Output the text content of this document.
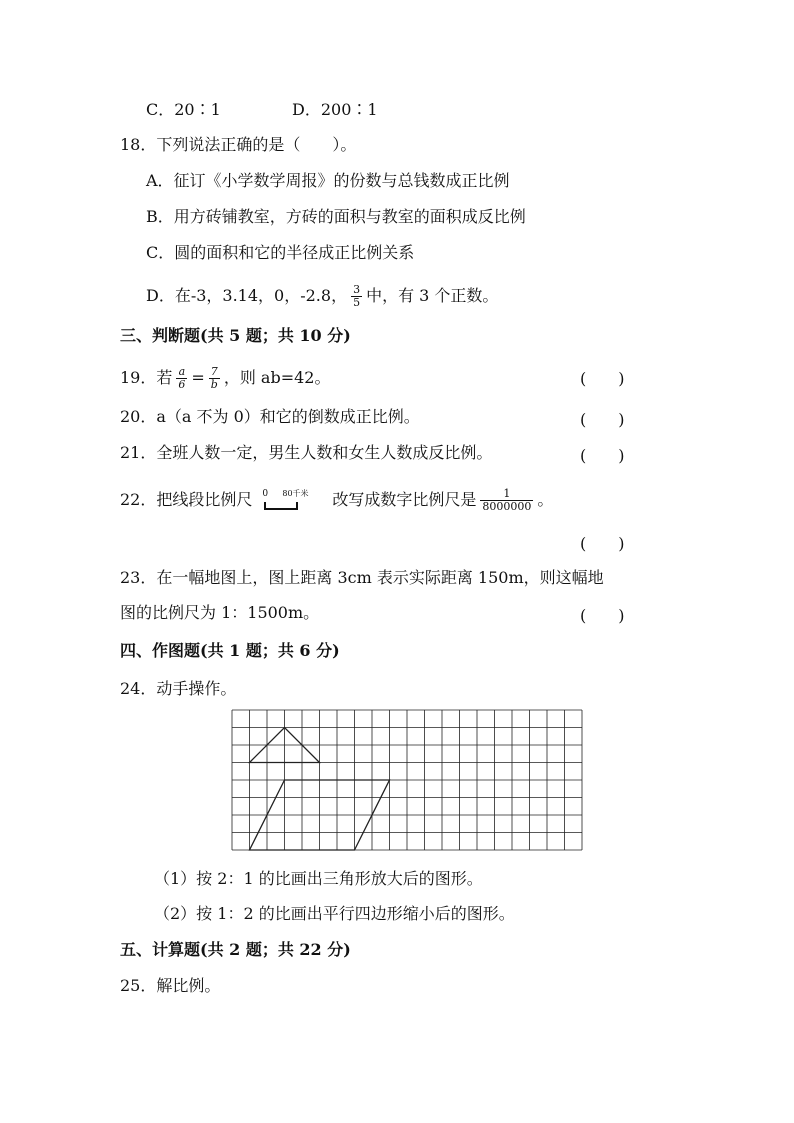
C．20∶1	D．200∶1
18．下列说法正确的是（　　）。
A．征订《小学数学周报》的份数与总钱数成正比例
B．用方砖铺教室，方砖的面积与教室的面积成反比例
C．圆的面积和它的半径成正比例关系
D．在-3，3.14，0，-2.8， $\frac{3}{5}$ 中，有 3 个正数。
三、判断题(共 5 题；共 10 分)
19．若 $\frac{a}{6} = \frac{7}{b}$ ，则 ab=42。	(　　)
20．a（a 不为 0）和它的倒数成正比例。	(　　)
21．全班人数一定，男生人数和女生人数成反比例。	(　　)
22．把线段比例尺 0 80千米 改写成数字比例尺是 $\frac{1}{8000000}$ 。
(　　)
23．在一幅地图上，图上距离 3cm 表示实际距离 150m，则这幅地
图的比例尺为 1：1500m。	(　　)
四、作图题(共 1 题；共 6 分)
24．动手操作。
（1）按 2：1 的比画出三角形放大后的图形。
（2）按 1：2 的比画出平行四边形缩小后的图形。
五、计算题(共 2 题；共 22 分)
25．解比例。
